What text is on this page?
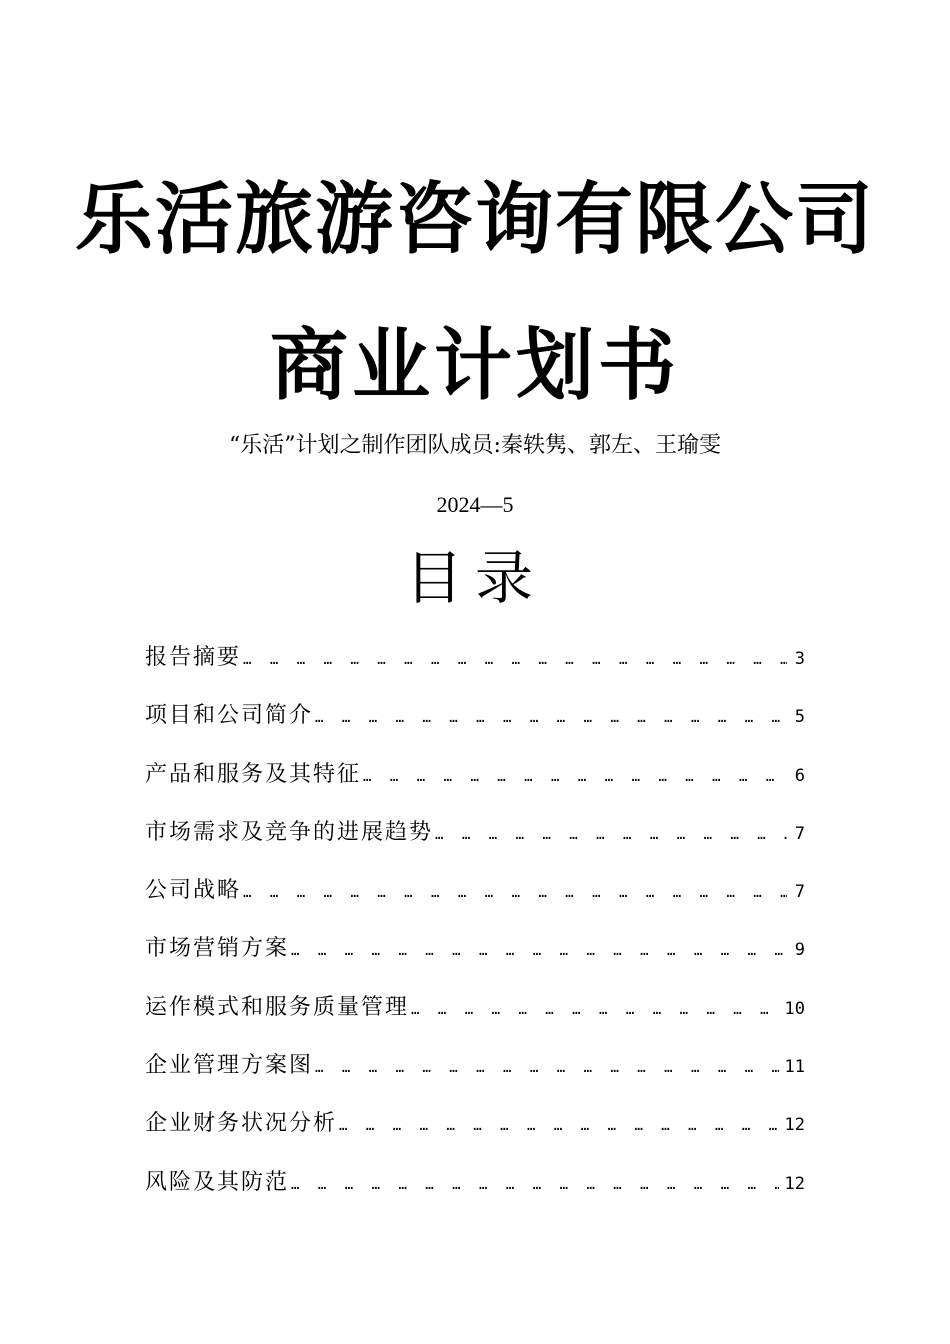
乐活旅游咨询有限公司
商业计划书
“乐活”计划之制作团队成员:秦轶隽、郭左、王瑜雯
2024—5
目录
报告摘要 … … … … … … … … … … … … … … … … … … … … … … … … … … … … … … … … … … … … … … …	3
项目和公司简介 … … … … … … … … … … … … … … … … … … … … … … … … … … … … … … … … … … … … … … …	5
产品和服务及其特征 … … … … … … … … … … … … … … … … … … … … … … … … … … … … … … … … … … … … … … …	6
市场需求及竞争的进展趋势 … … … … … … … … … … … … … … … … … … … … … … … … … … … … … … … … … … … … … … …	7
公司战略 … … … … … … … … … … … … … … … … … … … … … … … … … … … … … … … … … … … … … … …	7
市场营销方案 … … … … … … … … … … … … … … … … … … … … … … … … … … … … … … … … … … … … … … …	9
运作模式和服务质量管理 … … … … … … … … … … … … … … … … … … … … … … … … … … … … … … … … … … … … … … …	10
企业管理方案图 … … … … … … … … … … … … … … … … … … … … … … … … … … … … … … … … … … … … … … …	11
企业财务状况分析 … … … … … … … … … … … … … … … … … … … … … … … … … … … … … … … … … … … … … … …	12
风险及其防范 … … … … … … … … … … … … … … … … … … … … … … … … … … … … … … … … … … … … … … …	12
